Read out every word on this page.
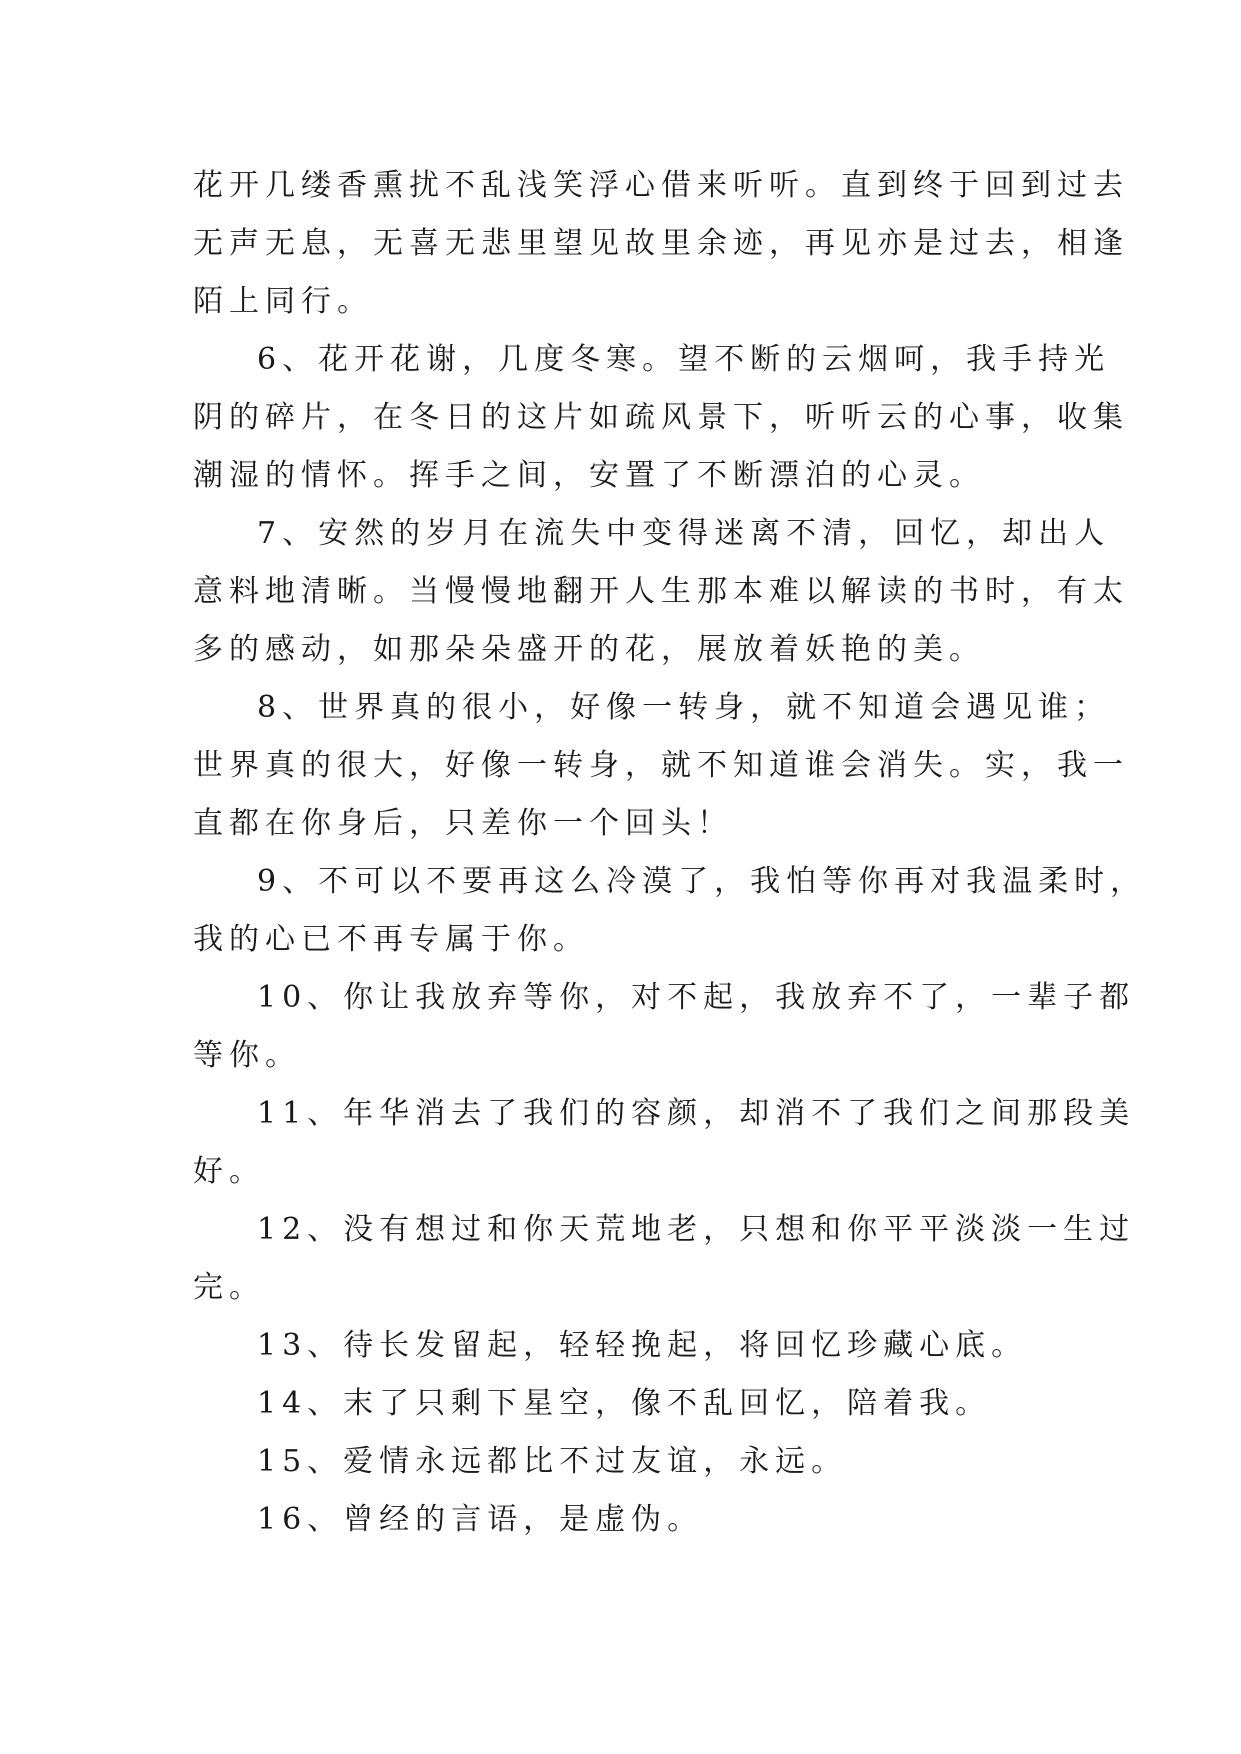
花开几缕香熏扰不乱浅笑浮心借来听听。直到终于回到过去
无声无息，无喜无悲里望见故里余迹，再见亦是过去，相逢
陌上同行。
6、花开花谢，几度冬寒。望不断的云烟呵，我手持光
阴的碎片，在冬日的这片如疏风景下，听听云的心事，收集
潮湿的情怀。挥手之间，安置了不断漂泊的心灵。
7、安然的岁月在流失中变得迷离不清，回忆，却出人
意料地清晰。当慢慢地翻开人生那本难以解读的书时，有太
多的感动，如那朵朵盛开的花，展放着妖艳的美。
8、世界真的很小，好像一转身，就不知道会遇见谁；
世界真的很大，好像一转身，就不知道谁会消失。实，我一
直都在你身后，只差你一个回头！
9、不可以不要再这么冷漠了，我怕等你再对我温柔时，
我的心已不再专属于你。
10、你让我放弃等你，对不起，我放弃不了，一辈子都
等你。
11、年华消去了我们的容颜，却消不了我们之间那段美
好。
12、没有想过和你天荒地老，只想和你平平淡淡一生过
完。
13、待长发留起，轻轻挽起，将回忆珍藏心底。
14、末了只剩下星空，像不乱回忆，陪着我。
15、爱情永远都比不过友谊，永远。
16、曾经的言语，是虚伪。
